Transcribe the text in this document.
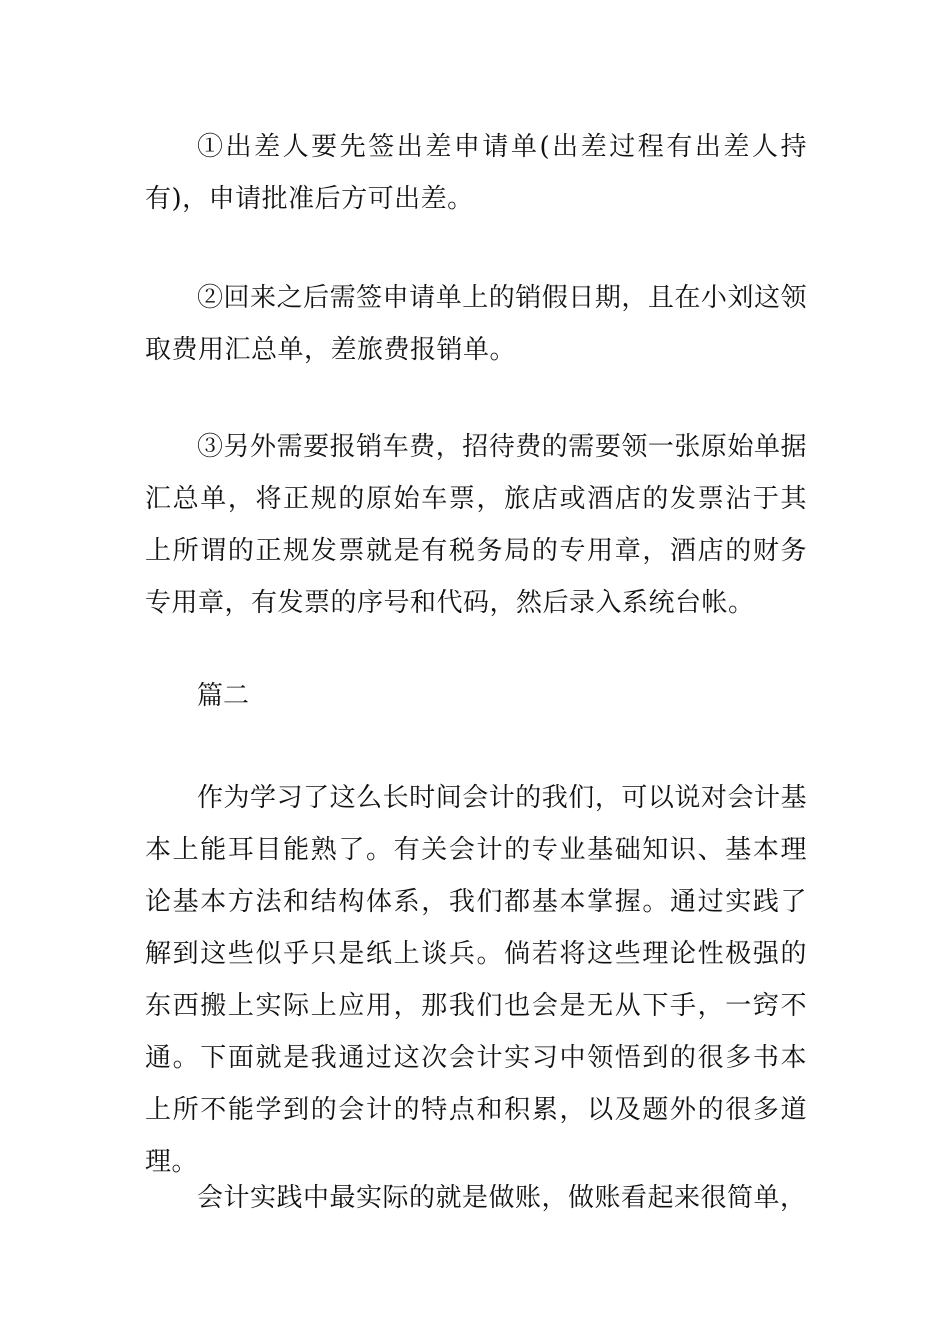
①出差人要先签出差申请单(出差过程有出差人持有)，申请批准后方可出差。

②回来之后需签申请单上的销假日期，且在小刘这领取费用汇总单，差旅费报销单。

③另外需要报销车费，招待费的需要领一张原始单据汇总单，将正规的原始车票，旅店或酒店的发票沾于其上所谓的正规发票就是有税务局的专用章，酒店的财务专用章，有发票的序号和代码，然后录入系统台帐。

篇二

作为学习了这么长时间会计的我们，可以说对会计基本上能耳目能熟了。有关会计的专业基础知识、基本理论基本方法和结构体系，我们都基本掌握。通过实践了解到这些似乎只是纸上谈兵。倘若将这些理论性极强的东西搬上实际上应用，那我们也会是无从下手，一窍不通。下面就是我通过这次会计实习中领悟到的很多书本上所不能学到的会计的特点和积累，以及题外的很多道理。

会计实践中最实际的就是做账，做账看起来很简单，
